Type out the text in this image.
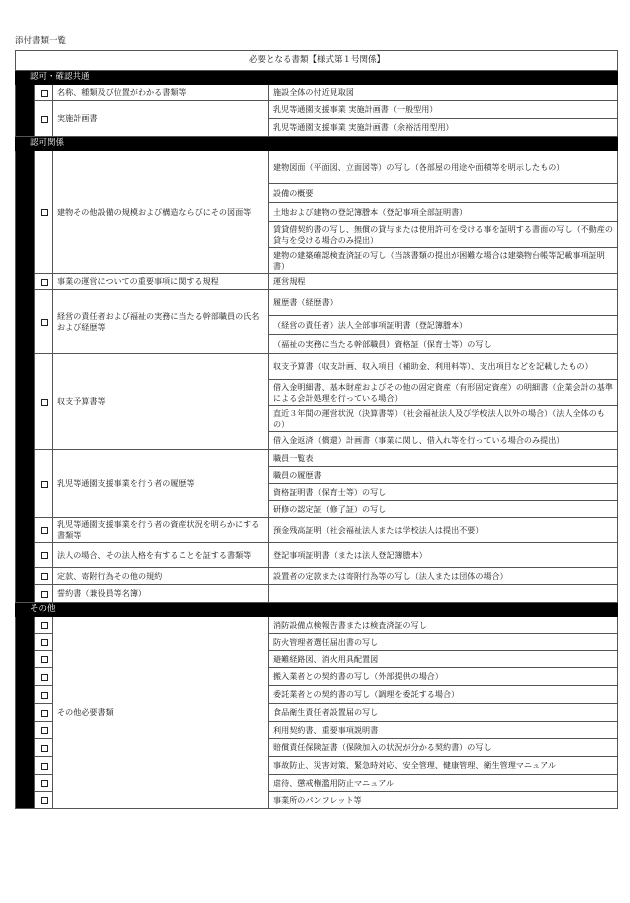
添付書類一覧
必要となる書類【様式第１号関係】			
認可・確認共通			
		名称、種類及び位置がわかる書類等	施設全体の付近見取図
		実施計画書	乳児等通園支援事業 実施計画書（一般型用）
			乳児等通園支援事業 実施計画書（余裕活用型用）
認可関係			
		建物その他設備の規模および構造ならびにその図面等	建物図面（平面図、立面図等）の写し（各部屋の用途や面積等を明示したもの）
			設備の概要
			土地および建物の登記簿謄本（登記事項全部証明書）
			賃貸借契約書の写し、無償の貸与または使用許可を受ける事を証明する書面の写し（不動産の貸与を受ける場合のみ提出）
			建物の建築確認検査済証の写し（当該書類の提出が困難な場合は建築物台帳等記載事項証明書）
		事業の運営についての重要事項に関する規程	運営規程
		経営の責任者および福祉の実務に当たる幹部職員の氏名および経歴等	履歴書（経歴書）
			（経営の責任者）法人全部事項証明書（登記簿謄本）
			（福祉の実務に当たる幹部職員）資格証（保育士等）の写し
		収支予算書等	収支予算書（収支計画、収入項目（補助金、利用料等）、支出項目などを記載したもの）
			借入金明細書、基本財産およびその他の固定資産（有形固定資産）の明細書（企業会計の基準による会計処理を行っている場合）
			直近３年間の運営状況（決算書等）（社会福祉法人及び学校法人以外の場合）（法人全体のもの）
			借入金返済（償還）計画書（事業に関し、借入れ等を行っている場合のみ提出）
		乳児等通園支援事業を行う者の履歴等	職員一覧表
			職員の履歴書
			資格証明書（保育士等）の写し
			研修の認定証（修了証）の写し
		乳児等通園支援事業を行う者の資産状況を明らかにする書類等	預金残高証明（社会福祉法人または学校法人は提出不要）
		法人の場合、その法人格を有することを証する書類等	登記事項証明書（または法人登記簿謄本）
		定款、寄附行為その他の規約	設置者の定款または寄附行為等の写し（法人または団体の場合）
		誓約書（兼役員等名簿）	
その他			
		その他必要書類	消防設備点検報告書または検査済証の写し
			防火管理者選任届出書の写し
			避難経路図、消火用具配置図
			搬入業者との契約書の写し（外部提供の場合）
			委託業者との契約書の写し（調理を委託する場合）
			食品衛生責任者設置届の写し
			利用契約書、重要事項説明書
			賠償責任保険証書（保険加入の状況が分かる契約書）の写し
			事故防止、災害対策、緊急時対応、安全管理、健康管理、衛生管理マニュアル
			虐待、懲戒権濫用防止マニュアル
			事業所のパンフレット等
